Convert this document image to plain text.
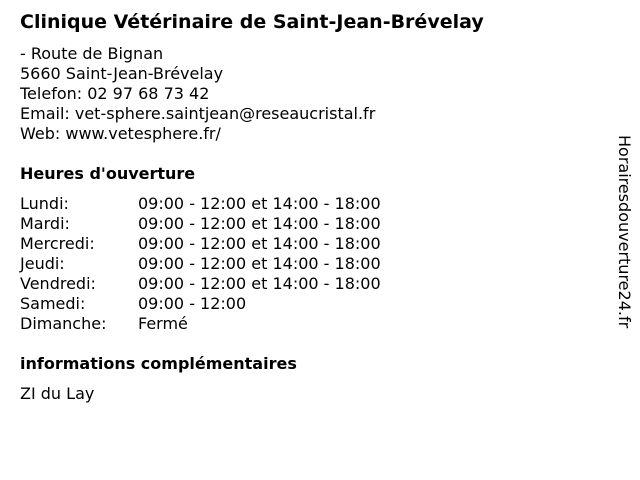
Clinique Vétérinaire de Saint-Jean-Brévelay
- Route de Bignan
5660 Saint-Jean-Brévelay
Telefon: 02 97 68 73 42
Email: vet-sphere.saintjean@reseaucristal.fr
Web: www.vetesphere.fr/
Heures d'ouverture
Lundi:	09:00 - 12:00 et 14:00 - 18:00
Mardi:	09:00 - 12:00 et 14:00 - 18:00
Mercredi:	09:00 - 12:00 et 14:00 - 18:00
Jeudi:	09:00 - 12:00 et 14:00 - 18:00
Vendredi:	09:00 - 12:00 et 14:00 - 18:00
Samedi:	09:00 - 12:00
Dimanche: Fermé
informations complémentaires
ZI du Lay
Horairesdouverture24.fr
